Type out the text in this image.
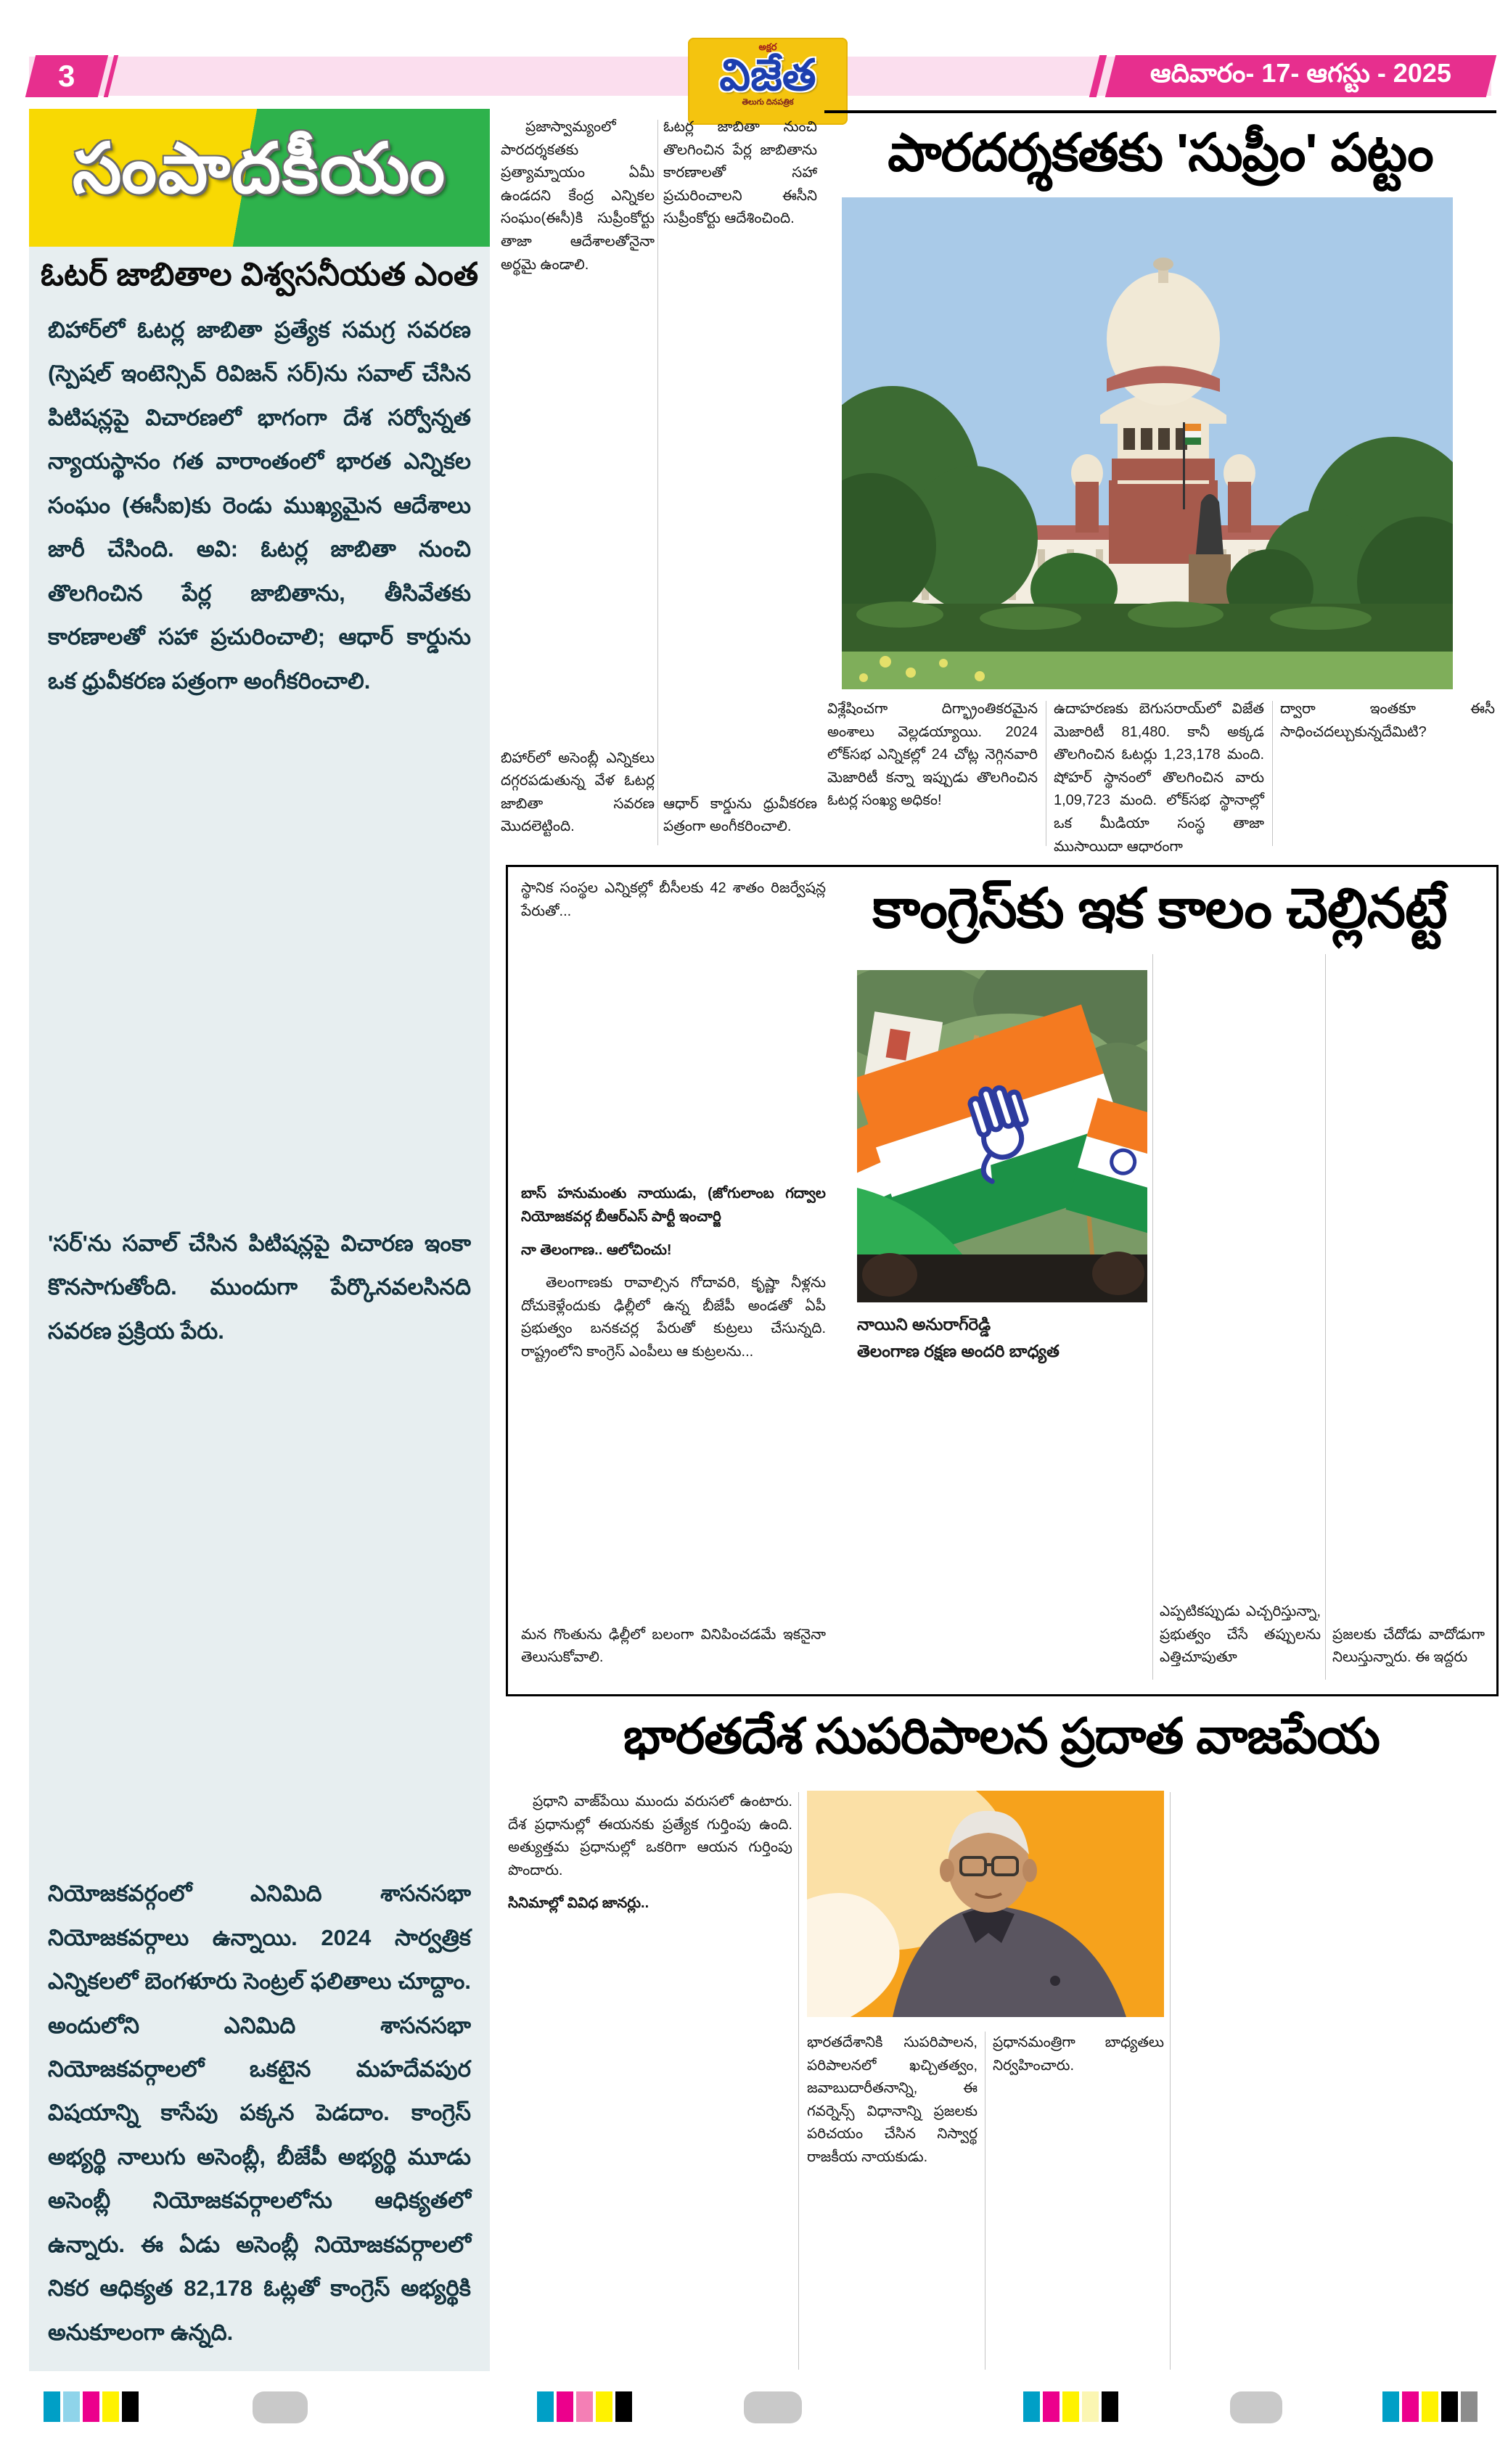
3	ఆదివారం- 17- ఆగస్టు - 2025
అక్షర
విజేత
తెలుగు దినపత్రిక
సంపాదకీయం
ఓటర్ జాబితాల విశ్వసనీయత ఎంత

బిహార్‌లో ఓటర్ల జాబితా ప్రత్యేక సమగ్ర సవరణ (స్పెషల్ ఇంటెన్సివ్ రివిజన్ సర్)ను సవాల్ చేసిన పిటిషన్లపై విచారణలో భాగంగా దేశ సర్వోన్నత న్యాయస్థానం గత వారాంతంలో భారత ఎన్నికల సంఘం (ఈసీఐ)కు రెండు ముఖ్యమైన ఆదేశాలు జారీ చేసింది. అవి: ఓటర్ల జాబితా నుంచి తొలగించిన పేర్ల జాబితాను, తీసివేతకు కారణాలతో సహా ప్రచురించాలి; ఆధార్ కార్డును ఒక ధ్రువీకరణ పత్రంగా అంగీకరించాలి.

'సర్'ను సవాల్ చేసిన పిటిషన్లపై విచారణ ఇంకా కొనసాగుతోంది. ముందుగా పేర్కొనవలసినది సవరణ ప్రక్రియ పేరు.

నియోజకవర్గంలో ఎనిమిది శాసనసభా నియోజకవర్గాలు ఉన్నాయి. 2024 సార్వత్రిక ఎన్నికలలో బెంగళూరు సెంట్రల్ ఫలితాలు చూద్దాం. అందులోని ఎనిమిది శాసనసభా నియోజకవర్గాలలో ఒకటైన మహదేవపుర విషయాన్ని కాసేపు పక్కన పెడదాం. కాంగ్రెస్ అభ్యర్థి నాలుగు అసెంబ్లీ, బీజేపీ అభ్యర్థి మూడు అసెంబ్లీ నియోజకవర్గాలలోను ఆధిక్యతలో ఉన్నారు. ఈ ఏడు అసెంబ్లీ నియోజకవర్గాలలో నికర ఆధిక్యత 82,178 ఓట్లతో కాంగ్రెస్ అభ్యర్థికి అనుకూలంగా ఉన్నది.

ప్రజాస్వామ్యంలో పారదర్శకతకు ప్రత్యామ్నాయం ఏమీ ఉండదని కేంద్ర ఎన్నికల సంఘం(ఈసీ)కి సుప్రీంకోర్టు తాజా ఆదేశాలతోనైనా అర్థమై ఉండాలి.

బిహార్‌లో అసెంబ్లీ ఎన్నికలు దగ్గరపడుతున్న వేళ ఓటర్ల జాబితా సవరణ మొదలెట్టింది.

ఓటర్ల జాబితా నుంచి తొలగించిన పేర్ల జాబితాను కారణాలతో సహా ప్రచురించాలని ఈసీని సుప్రీంకోర్టు ఆదేశించింది.

ఆధార్ కార్డును ధ్రువీకరణ పత్రంగా అంగీకరించాలి.

పారదర్శకతకు 'సుప్రీం' పట్టం

విశ్లేషించగా దిగ్భ్రాంతికరమైన అంశాలు వెల్లడయ్యాయి. 2024 లోక్‌సభ ఎన్నికల్లో 24 చోట్ల నెగ్గినవారి మెజారిటీ కన్నా ఇప్పుడు తొలగించిన ఓటర్ల సంఖ్య అధికం!

ఉదాహరణకు బెగుసరాయ్‌లో విజేత మెజారిటీ 81,480. కానీ అక్కడ తొలగించిన ఓటర్లు 1,23,178 మంది. షోహర్ స్థానంలో తొలగించిన వారు 1,09,723 మంది. లోక్‌సభ స్థానాల్లో ఒక మీడియా సంస్థ తాజా ముసాయిదా ఆధారంగా

ద్వారా ఇంతకూ ఈసీ సాధించదల్చుకున్నదేమిటి?

స్థానిక సంస్థల ఎన్నికల్లో బీసీలకు 42 శాతం రిజర్వేషన్ల పేరుతో...

బాస్ హనుమంతు నాయుడు, (జోగులాంబ గద్వాల నియోజకవర్గ బీఆర్ఎస్ పార్టీ ఇంచార్జి

నా తెలంగాణ.. ఆలోచించు!

తెలంగాణకు రావాల్సిన గోదావరి, కృష్ణా నీళ్లను దోచుకెళ్లేందుకు ఢిల్లీలో ఉన్న బీజేపీ అండతో ఏపీ ప్రభుత్వం బనకచర్ల పేరుతో కుట్రలు చేసున్నది. రాష్ట్రంలోని కాంగ్రెస్ ఎంపీలు ఆ కుట్రలను...

మన గొంతును ఢిల్లీలో బలంగా వినిపించడమే ఇకనైనా తెలుసుకోవాలి.

కాంగ్రెస్‌కు ఇక కాలం చెల్లినట్టే
నాయిని అనురాగ్‌రెడ్డి
తెలంగాణ రక్షణ అందరి బాధ్యత

ఎప్పటికప్పుడు ఎచ్చరిస్తున్నా, ప్రభుత్వం చేసే తప్పులను ఎత్తిచూపుతూ

ప్రజలకు చేదోడు వాదోడుగా నిలుస్తున్నారు. ఈ ఇద్దరు

భారతదేశ సుపరిపాలన ప్రదాత వాజపేయ

ప్రధాని వాజ్‌పేయి ముందు వరుసలో ఉంటారు. దేశ ప్రధానుల్లో ఈయనకు ప్రత్యేక గుర్తింపు ఉంది. అత్యుత్తమ ప్రధానుల్లో ఒకరిగా ఆయన గుర్తింపు పొందారు.

సినిమాల్లో వివిధ జానర్లు..

భారతదేశానికి సుపరిపాలన, పరిపాలనలో ఖచ్చితత్వం, జవాబుదారీతనాన్ని, ఈ గవర్నెన్స్ విధానాన్ని ప్రజలకు పరిచయం చేసిన నిస్వార్థ రాజకీయ నాయకుడు.

ప్రధానమంత్రిగా బాధ్యతలు నిర్వహించారు.
